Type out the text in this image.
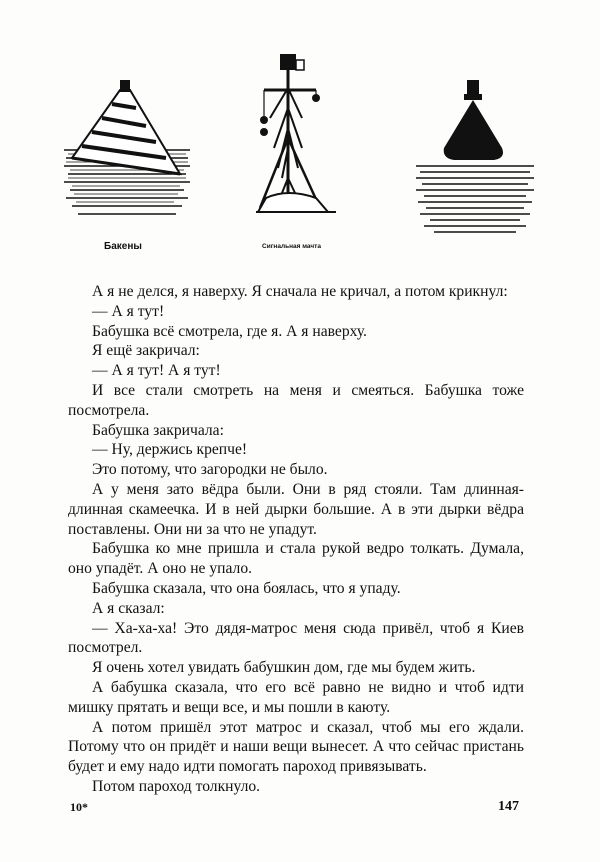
Бакены	Сигнальная мачта

А я не делся, я наверху. Я сначала не кричал, а потом крикнул:

— А я тут!

Бабушка всё смотрела, где я. А я наверху.

Я ещё закричал:

— А я тут! А я тут!

И все стали смотреть на меня и смеяться. Бабушка тоже посмотрела.

Бабушка закричала:

— Ну, держись крепче!

Это потому, что загородки не было.

А у меня зато вёдра были. Они в ряд стояли. Там длинная-длинная скамеечка. И в ней дырки большие. А в эти дырки вёдра поставлены. Они ни за что не упадут.

Бабушка ко мне пришла и стала рукой ведро толкать. Думала, оно упадёт. А оно не упало.

Бабушка сказала, что она боялась, что я упаду.

А я сказал:

— Ха-ха-ха! Это дядя-матрос меня сюда привёл, чтоб я Киев посмотрел.

Я очень хотел увидать бабушкин дом, где мы будем жить.

А бабушка сказала, что его всё равно не видно и чтоб идти мишку прятать и вещи все, и мы пошли в каюту.

А потом пришёл этот матрос и сказал, чтоб мы его ждали. Потому что он придёт и наши вещи вынесет. А что сейчас пристань будет и ему надо идти помогать пароход привязывать.

Потом пароход толкнуло.

10*	147
